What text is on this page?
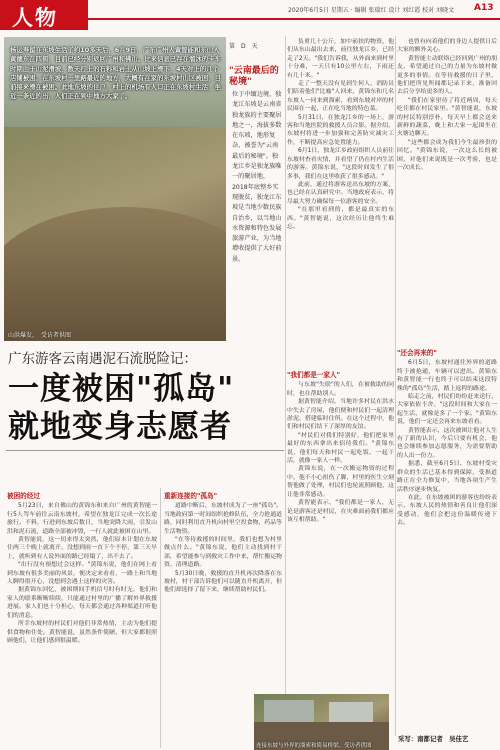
人物	2020年6月5日 星期五 · 编辑 张瑞红 设计 刘红霞 校对 刘晓文 A13
杨运寿留在东坡生活了约10多天后，6月9日，广东广州人黄智能和东山人黄德东在四街，目前已经分别返回广州和佛山。比来信息已存在溜冰的卡车时期由于山泥滑坡，数天打上的石料和岩土从山坡上滑下，4天对上的几个店铺被困。在东坡村一里路最近的地方，大概有在家的东坡村山区被困，目前接来滑在被困。此地东坡的住户，村上的机场有人口正在东坡村生活，坐近一条近的出，人们正在到中地方大家了。
山洪爆发。　受访者供图
第　D　天
"云南最后的秘境"
位于中缅边境，独龙江东坡是云南省独龙族的主要聚居地之一，海拔多数在东坡，地形复杂，被誉为"云南最后的秘境"。独龙江乡是独龙族唯一的聚居地，2018年底整乡实现脱贫，独龙江东坡是当地少数民族自治乡，以当地山水资源和特色发展旅游产业，为当地增收提供了大好前景。

负重几十公斤，加中前扶的物资，他们从东山最出去来，前往独龙江乡，已经走了2天。"我们告诉我，从外面来到村里十分难，一天只有10公里左右，下雨还有几十米。"

走了一整天没有见到生何人，消防员们陪着他们"比喻"人回来，黄锦东和几名东坡人一同来到溜索，看到东坡对岸的村民围在一起，正在吃当地的特色菜。

5月31日，在独龙江乡的一场上，游客和当地医院的救援人员合影。据介绍，东坡村将进一步加强和完善防灾减灾工作，不断提高应急处置能力。

6月1日，独龙江乡政府组织人员前往东坡村查看灾情，并看望了仍在村内生活的游客。黄锦东说，"这段时间发生了很多事，我们在这里收获了很多感动。"

此前，通过将游客送出东坡的方案，也已经在认真研究中。当地政府表示，将尽最大努力确保每一位游客的安全。

"在那里看到的，都是最真实的东西。"黄智能说，这次经历让他终生难忘。

也曾有向着他们的身边人提供日后大家的额外关心。

黄智能主动联络已经回到广州的朋友，希望通过自己的力量为东坡村做更多的事情。在等待救援的日子里，他们把所见所闻都记录下来，准备回去后分享给更多的人。

"我们在家里待了将近两周，每天吃住都在村民家里。"黄智能说，东坡的村民特别淳朴，每天早上都会送来新鲜的蔬菜，晚上和大家一起围坐在火塘边聊天。

"这些都会成为我们今生最珍贵的回忆。"黄锦东说，一次这么长的被困，对他们来说既是一次考验，也是一次成长。

"还会再来的"

6月5日，东坡村通往外界的道路终于被抢通，车辆可以进出。黄锦东和黄智能一行也终于可以结束这段特殊的"孤岛"生活，踏上返程的路途。

临走之前，村民们纷纷赶来送行，大家依依不舍。"这段时间和大家在一起生活，就像是多了一个家。"黄锦东说，他们一定还会再来东坡看看。

黄智能表示，这次被困让他对人生有了新的认识，今后只要有机会，他也会继续参加志愿服务，为需要帮助的人出一份力。

据悉，截至6月5日，东坡村受灾群众的生活已基本得到保障，受损道路正在全力修复中，当地各项生产生活秩序逐步恢复。

在此，在东坡被困的游客也纷纷表示，东坡人民的热情和善良让他们深受感动，他们会把这份温暖传递下去。

"我们都是一家人"

与东坡"失联"的人们，在被救助的同时，也在帮助别人。

据黄智能介绍，当地许多村民在洪水中失去了房屋，他们便和村民们一起清理淤泥、搭建临时住所。在这个过程中，他们和村民们结下了深厚的友谊。

"村民们对我们特别好，他们把家里最好的东西拿出来招待我们。"黄锦东说，他们每天和村民一起吃饭、一起干活，就像一家人一样。

黄锦东说，在一次搬运物资的过程中，他不小心扭伤了脚，村里的医生立刻帮他做了处理，村民们也轮流照顾他，这让他非常感动。

黄智能表示，"我们都是一家人，无论是游客还是村民，在灾难面前我们都应该互相帮助。"

广东游客云南遇泥石流脱险记：
一度被困"孤岛"
就地变身志愿者
重新连接的"孤岛"

道路中断后，东坡村成为了一座"孤岛"。当地政府第一时间组织抢修队伍，全力抢通道路，同时利用直升机向村里空投食物、药品等生活物资。

"在等待救援的时间里，我们也想为村里做点什么。"黄锦东说，他们主动找到村干部，希望能参与到救灾工作中来，帮忙搬运物资、清理道路。

5月30日晚，救援的直升机再次降落在东坡村，村干部告诉他们可以随直升机离开，但他们却选择了留下来，继续帮助村民们。

被困的经过

5月23日，来自佛山的黄锦东和来自广州的黄智能一行5人驾车前往云南东坡村，希望在独龙江完成一次长途旅行。不料，行进到东坡后数日，当地突降大雨，引发山洪和泥石流，道路全部被冲毁，一行人就此被困在山里。

黄智能说，这一切来得太突然，他们原本计划在东坡住两三个晚上就离开，没想到雨一直下个不停，第三天早上，就听到有人说外面的路已经塌了，出不去了。

"出行没有预想过会这样。"黄锦东说，他们在网上看到东坡有很多美丽的风景，便决定来看看，一路上和当地人聊得很开心，没想到会遇上这样的灾害。

据黄锦东回忆，被困期间手机信号时有时无，他们和家人的联系断断续续，只能通过村里的广播了解外界救援进展。家人们也十分担心，每天都会通过各种渠道打听他们的消息。

所幸东坡村的村民们对他们非常热情，主动为他们提供食物和住处。黄智能说，虽然条件简陋，但大家都很照顾他们，让他们感到很温暖。

连接东坡与外界的溜索和简易桥梁。受访者供图
采写：南都记者　吴佳艺
